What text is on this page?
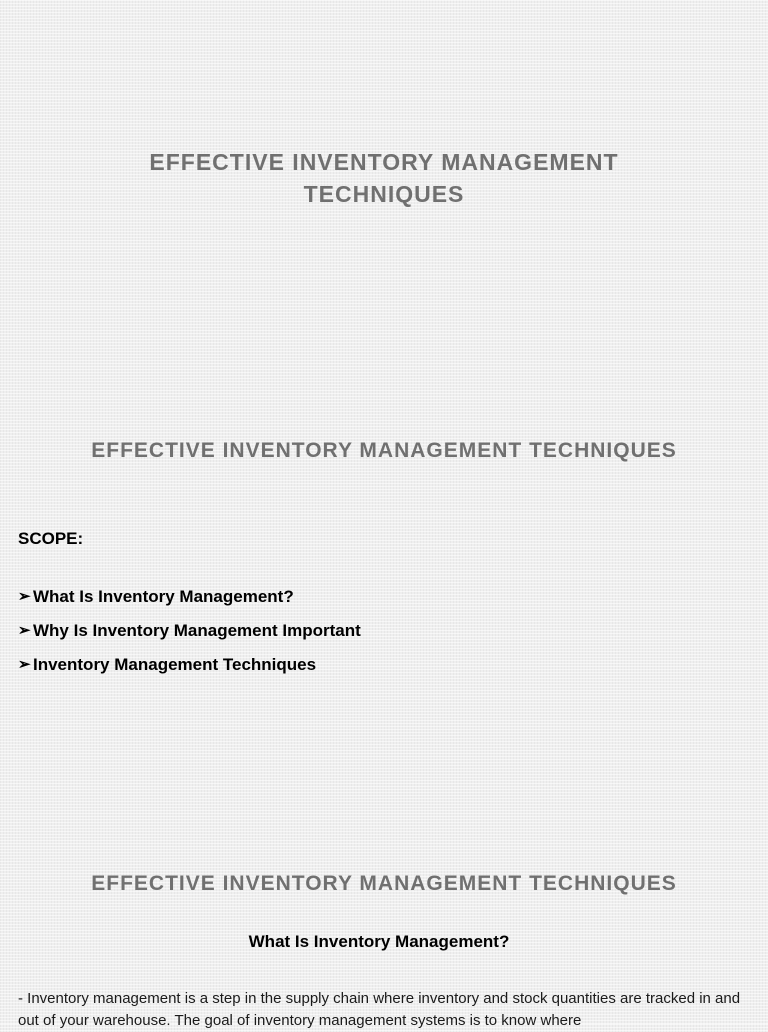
EFFECTIVE INVENTORY MANAGEMENT TECHNIQUES
EFFECTIVE INVENTORY MANAGEMENT TECHNIQUES

SCOPE:

➢ What Is Inventory Management?
➢ Why Is Inventory Management Important
➢ Inventory Management Techniques
EFFECTIVE INVENTORY MANAGEMENT TECHNIQUES

What Is Inventory Management?

- Inventory management is a step in the supply chain where inventory and stock quantities are tracked in and out of your warehouse. The goal of inventory management systems is to know where
